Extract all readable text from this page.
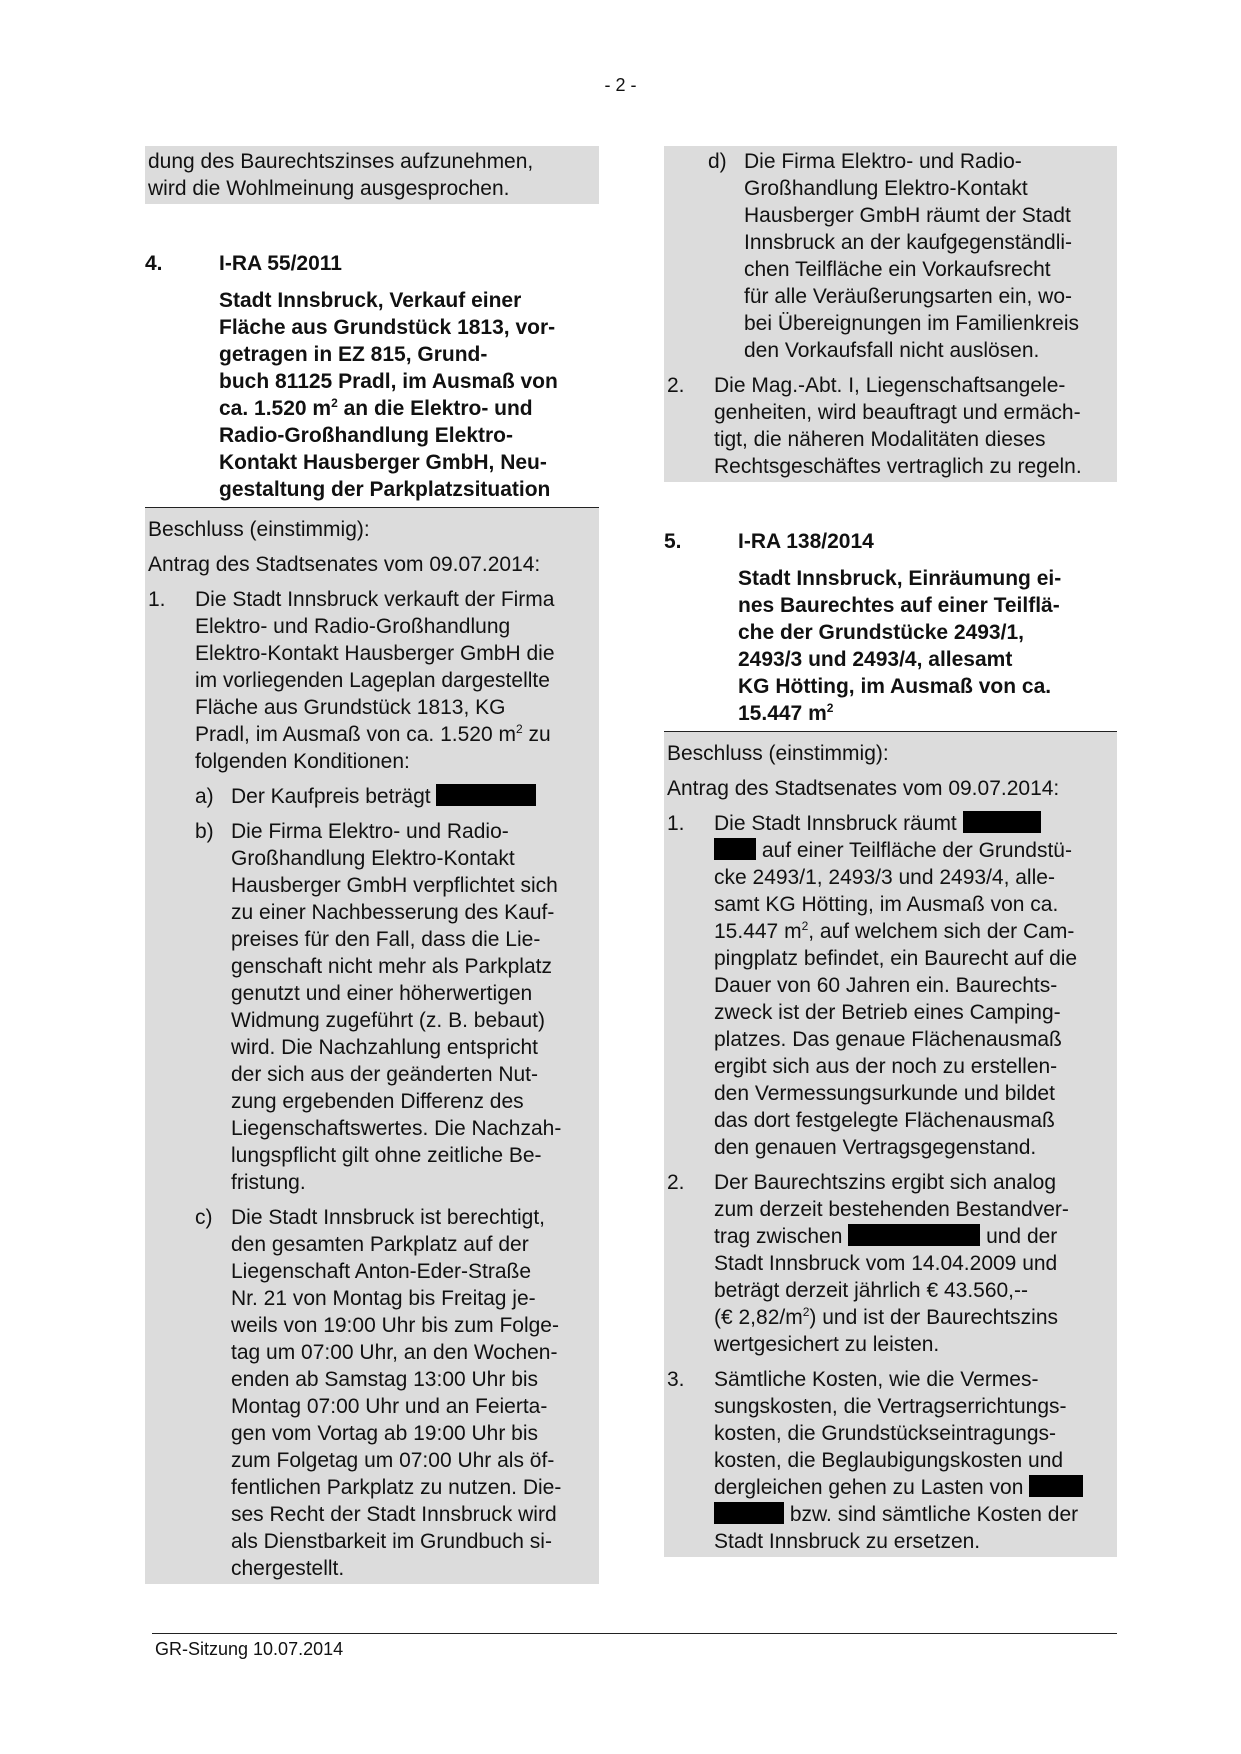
- 2 -
dung des Baurechtszinses aufzunehmen,
wird die Wohlmeinung ausgesprochen.
4.	I-RA 55/2011
Stadt Innsbruck, Verkauf einer
Fläche aus Grundstück 1813, vor-
getragen in EZ 815, Grund-
buch 81125 Pradl, im Ausmaß von
ca. 1.520 $m^2$ an die Elektro- und
Radio-Großhandlung Elektro-
Kontakt Hausberger GmbH, Neu-
gestaltung der Parkplatzsituation
Beschluss (einstimmig):
Antrag des Stadtsenates vom 09.07.2014:
1.	Die Stadt Innsbruck verkauft der Firma
Elektro- und Radio-Großhandlung
Elektro-Kontakt Hausberger GmbH die
im vorliegenden Lageplan dargestellte
Fläche aus Grundstück 1813, KG
Pradl, im Ausmaß von ca. 1.520 $m^2$ zu
folgenden Konditionen:
a) Der Kaufpreis beträgt
b) Die Firma Elektro- und Radio-
Großhandlung Elektro-Kontakt
Hausberger GmbH verpflichtet sich
zu einer Nachbesserung des Kauf-
preises für den Fall, dass die Lie-
genschaft nicht mehr als Parkplatz
genutzt und einer höherwertigen
Widmung zugeführt (z. B. bebaut)
wird. Die Nachzahlung entspricht
der sich aus der geänderten Nut-
zung ergebenden Differenz des
Liegenschaftswertes. Die Nachzah-
lungspflicht gilt ohne zeitliche Be-
fristung.
c) Die Stadt Innsbruck ist berechtigt,
den gesamten Parkplatz auf der
Liegenschaft Anton-Eder-Straße
Nr. 21 von Montag bis Freitag je-
weils von 19:00 Uhr bis zum Folge-
tag um 07:00 Uhr, an den Wochen-
enden ab Samstag 13:00 Uhr bis
Montag 07:00 Uhr und an Feierta-
gen vom Vortag ab 19:00 Uhr bis
zum Folgetag um 07:00 Uhr als öf-
fentlichen Parkplatz zu nutzen. Die-
ses Recht der Stadt Innsbruck wird
als Dienstbarkeit im Grundbuch si-
chergestellt.
d) Die Firma Elektro- und Radio-
Großhandlung Elektro-Kontakt
Hausberger GmbH räumt der Stadt
Innsbruck an der kaufgegenständli-
chen Teilfläche ein Vorkaufsrecht
für alle Veräußerungsarten ein, wo-
bei Übereignungen im Familienkreis
den Vorkaufsfall nicht auslösen.
2.	Die Mag.-Abt. I, Liegenschaftsangele-
genheiten, wird beauftragt und ermäch-
tigt, die näheren Modalitäten dieses
Rechtsgeschäftes vertraglich zu regeln.
5.	I-RA 138/2014
Stadt Innsbruck, Einräumung ei-
nes Baurechtes auf einer Teilflä-
che der Grundstücke 2493/1,
2493/3 und 2493/4, allesamt
KG Hötting, im Ausmaß von ca.
15.447 $m^2$
Beschluss (einstimmig):
Antrag des Stadtsenates vom 09.07.2014:
1.	Die Stadt Innsbruck räumt
auf einer Teilfläche der Grundstü-
cke 2493/1, 2493/3 und 2493/4, alle-
samt KG Hötting, im Ausmaß von ca.
15.447 $m^2$, auf welchem sich der Cam-
pingplatz befindet, ein Baurecht auf die
Dauer von 60 Jahren ein. Baurechts-
zweck ist der Betrieb eines Camping-
platzes. Das genaue Flächenausmaß
ergibt sich aus der noch zu erstellen-
den Vermessungsurkunde und bildet
das dort festgelegte Flächenausmaß
den genauen Vertragsgegenstand.
2.	Der Baurechtszins ergibt sich analog
zum derzeit bestehenden Bestandver-
trag zwischen	und der
Stadt Innsbruck vom 14.04.2009 und
beträgt derzeit jährlich € 43.560,--
(€ $2,82/m^2$) und ist der Baurechtszins
wertgesichert zu leisten.
3.	Sämtliche Kosten, wie die Vermes-
sungskosten, die Vertragserrichtungs-
kosten, die Grundstückseintragungs-
kosten, die Beglaubigungskosten und
dergleichen gehen zu Lasten von
bzw. sind sämtliche Kosten der
Stadt Innsbruck zu ersetzen.
GR-Sitzung 10.07.2014
